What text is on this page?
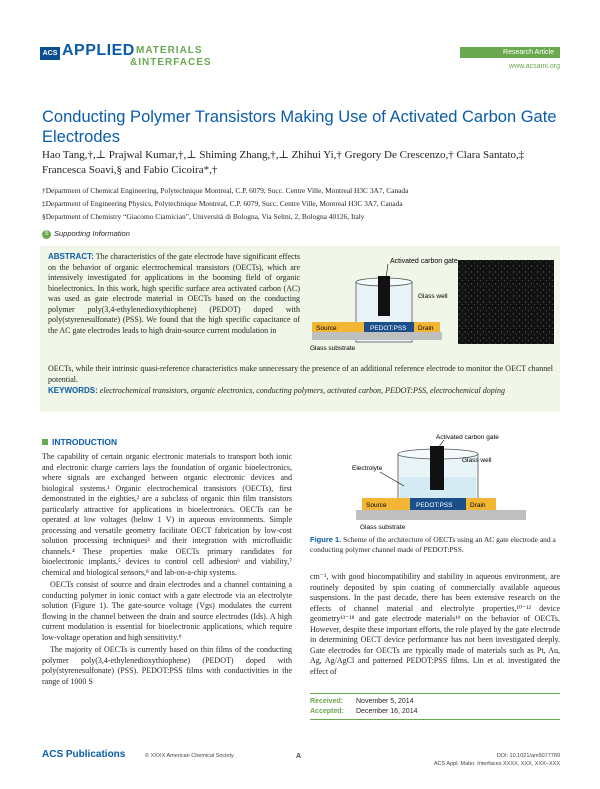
ACS APPLIED MATERIALS
&INTERFACES
Research Article
www.acsami.org
Conducting Polymer Transistors Making Use of Activated Carbon Gate Electrodes
Hao Tang,†,⊥ Prajwal Kumar,†,⊥ Shiming Zhang,†,⊥ Zhihui Yi,† Gregory De Crescenzo,† Clara Santato,‡
Francesca Soavi,§ and Fabio Cicoira*,†
†Department of Chemical Engineering, Polytechnique Montreal, C.P. 6079, Succ. Centre Ville, Montreal H3C 3A7, Canada
‡Department of Engineering Physics, Polytechnique Montreal, C.P. 6079, Succ. Centre Ville, Montreal H3C 3A7, Canada
§Department of Chemistry “Giacomo Ciamician”, Università di Bologna, Via Selmi, 2, Bologna 40126, Italy
S Supporting Information
ABSTRACT: The characteristics of the gate electrode have significant effects on the behavior of organic electrochemical transistors (OECTs), which are intensively investigated for applications in the booming field of organic bioelectronics. In this work, high specific surface area activated carbon (AC) was used as gate electrode material in OECTs based on the conducting polymer poly(3,4-ethylenedioxythiophene) (PEDOT) doped with poly(styrenesulfonate) (PSS). We found that the high specific capacitance of the AC gate electrodes leads to high drain-source current modulation in
OECTs, while their intrinsic quasi-reference characteristics make unnecessary the presence of an additional reference electrode to monitor the OECT channel potential.
KEYWORDS: electrochemical transistors, organic electronics, conducting polymers, activated carbon, PEDOT:PSS, electrochemical doping
Activated carbon gate
Glass well
Source	PEDOT:PSS Drain
Glass substrate
INTRODUCTION

The capability of certain organic electronic materials to transport both ionic and electronic charge carriers lays the foundation of organic bioelectronics, where signals are exchanged between organic electronic devices and biological systems.¹ Organic electrochemical transistors (OECTs), first demonstrated in the eighties,² are a subclass of organic thin film transistors particularly attractive for applications in bioelectronics. OECTs can be operated at low voltages (below 1 V) in aqueous environments. Simple processing and versatile geometry facilitate OECT fabrication by low-cost solution processing techniques³ and their integration with microfluidic channels.⁴ These properties make OECTs primary candidates for bioelectronic implants,⁵ devices to control cell adhesion⁶ and viability,⁷ chemical and biological sensors,⁸ and lab-on-a-chip systems.

OECTs consist of source and drain electrodes and a channel containing a conducting polymer in ionic contact with a gate electrode via an electrolyte solution (Figure 1). The gate-source voltage (Vgs) modulates the current flowing in the channel between the drain and source electrodes (Ids). A high current modulation is essential for bioelectronic applications, which require low-voltage operation and high sensitivity.⁹

The majority of OECTs is currently based on thin films of the conducting polymer poly(3,4-ethylenedioxythiophene) (PEDOT) doped with poly(styrenesulfonate) (PSS). PEDOT:PSS films with conductivities in the range of 1000 S

Activated carbon gate
Glass well
Electrolyte
Source	PEDOT:PSS	Drain
Glass substrate
Figure 1. Scheme of the architecture of OECTs using an AC gate electrode and a conducting polymer channel made of PEDOT:PSS.
cm⁻¹, with good biocompatibility and stability in aqueous environment, are routinely deposited by spin coating of commercially available aqueous suspensions. In the past decade, there has been extensive research on the effects of channel material and electrolyte properties,¹⁰⁻¹² device geometry¹³⁻¹⁸ and gate electrode materials¹⁹ on the behavior of OECTs. However, despite these important efforts, the role played by the gate electrode in determining OECT device performance has not been investigated deeply. Gate electrodes for OECTs are typically made of materials such as Pt, Au, Ag, Ag/AgCl and patterned PEDOT:PSS films. Lin et al. investigated the effect of
Received: November 5, 2014
Accepted: December 16, 2014
ACS Publications	© XXXX American Chemical Society	A	DOI: 10.1021/am5077789
ACS Appl. Mater. Interfaces XXXX, XXX, XXX−XXX
